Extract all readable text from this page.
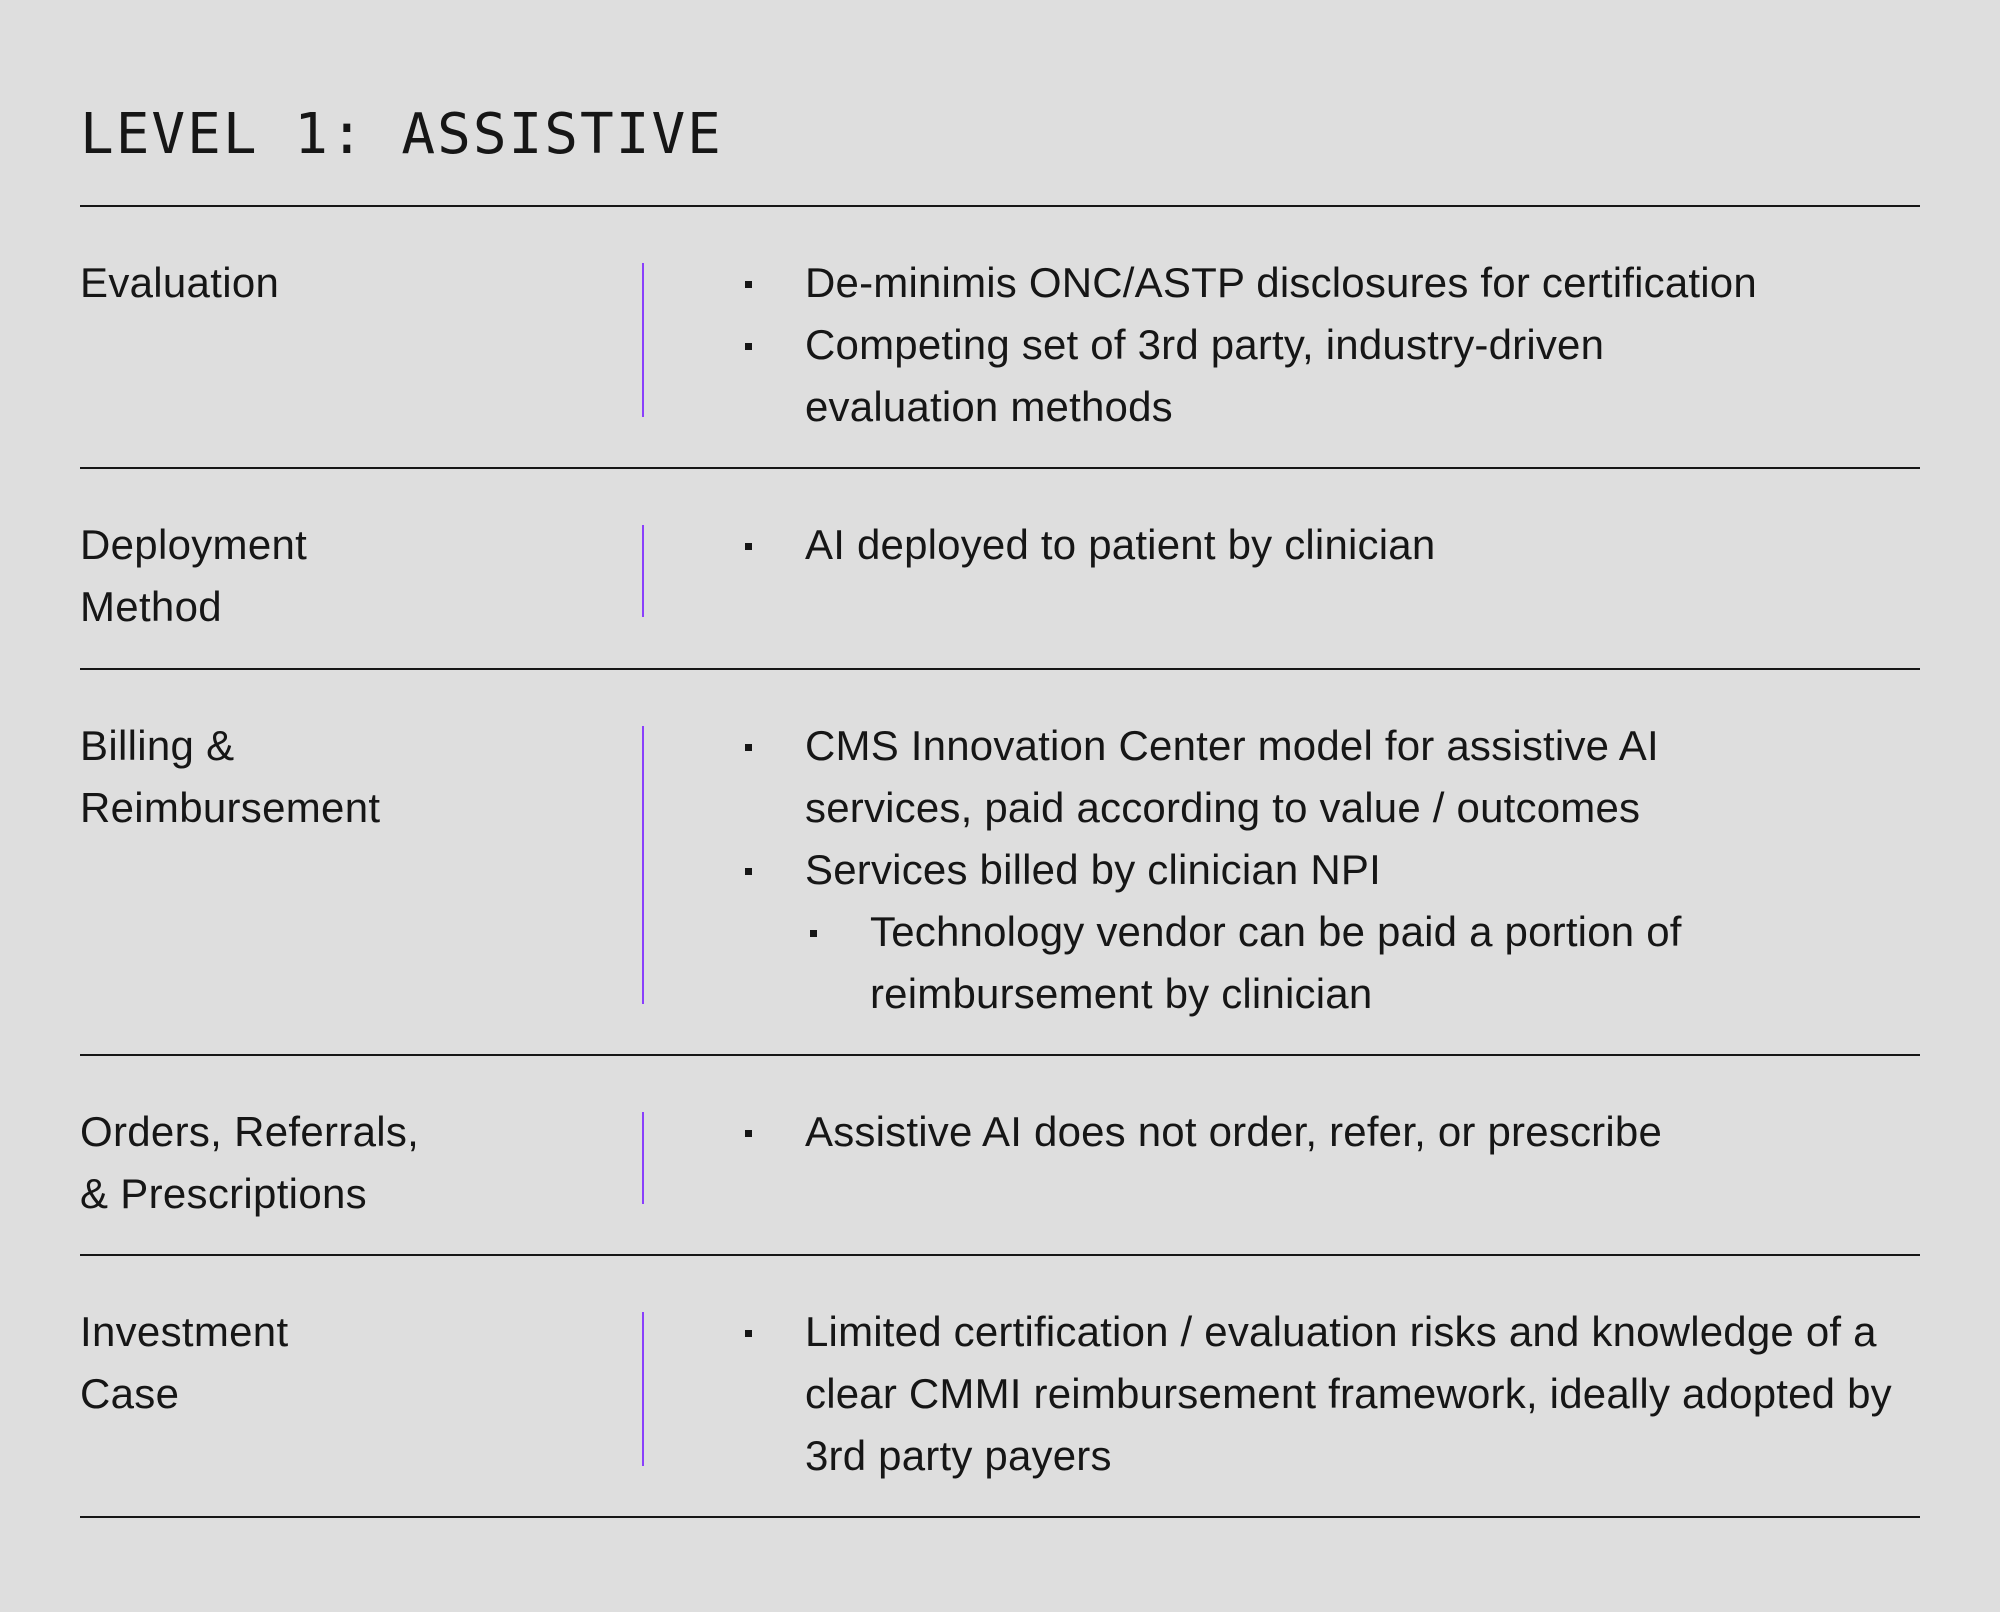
LEVEL 1: ASSISTIVE
Evaluation	De-minimis ONC/ASTP disclosures for certification
Competing set of 3rd party, industry-driven evaluation methods
Deployment
Method
AI deployed to patient by clinician
Billing &
Reimbursement
CMS Innovation Center model for assistive AI services, paid according to value / outcomes
Services billed by clinician NPI
Technology vendor can be paid a portion of reimbursement by clinician
Orders, Referrals,
& Prescriptions
Assistive AI does not order, refer, or prescribe
Investment
Case
Limited certification / evaluation risks and knowledge of a clear CMMI reimbursement framework, ideally adopted by 3rd party payers
